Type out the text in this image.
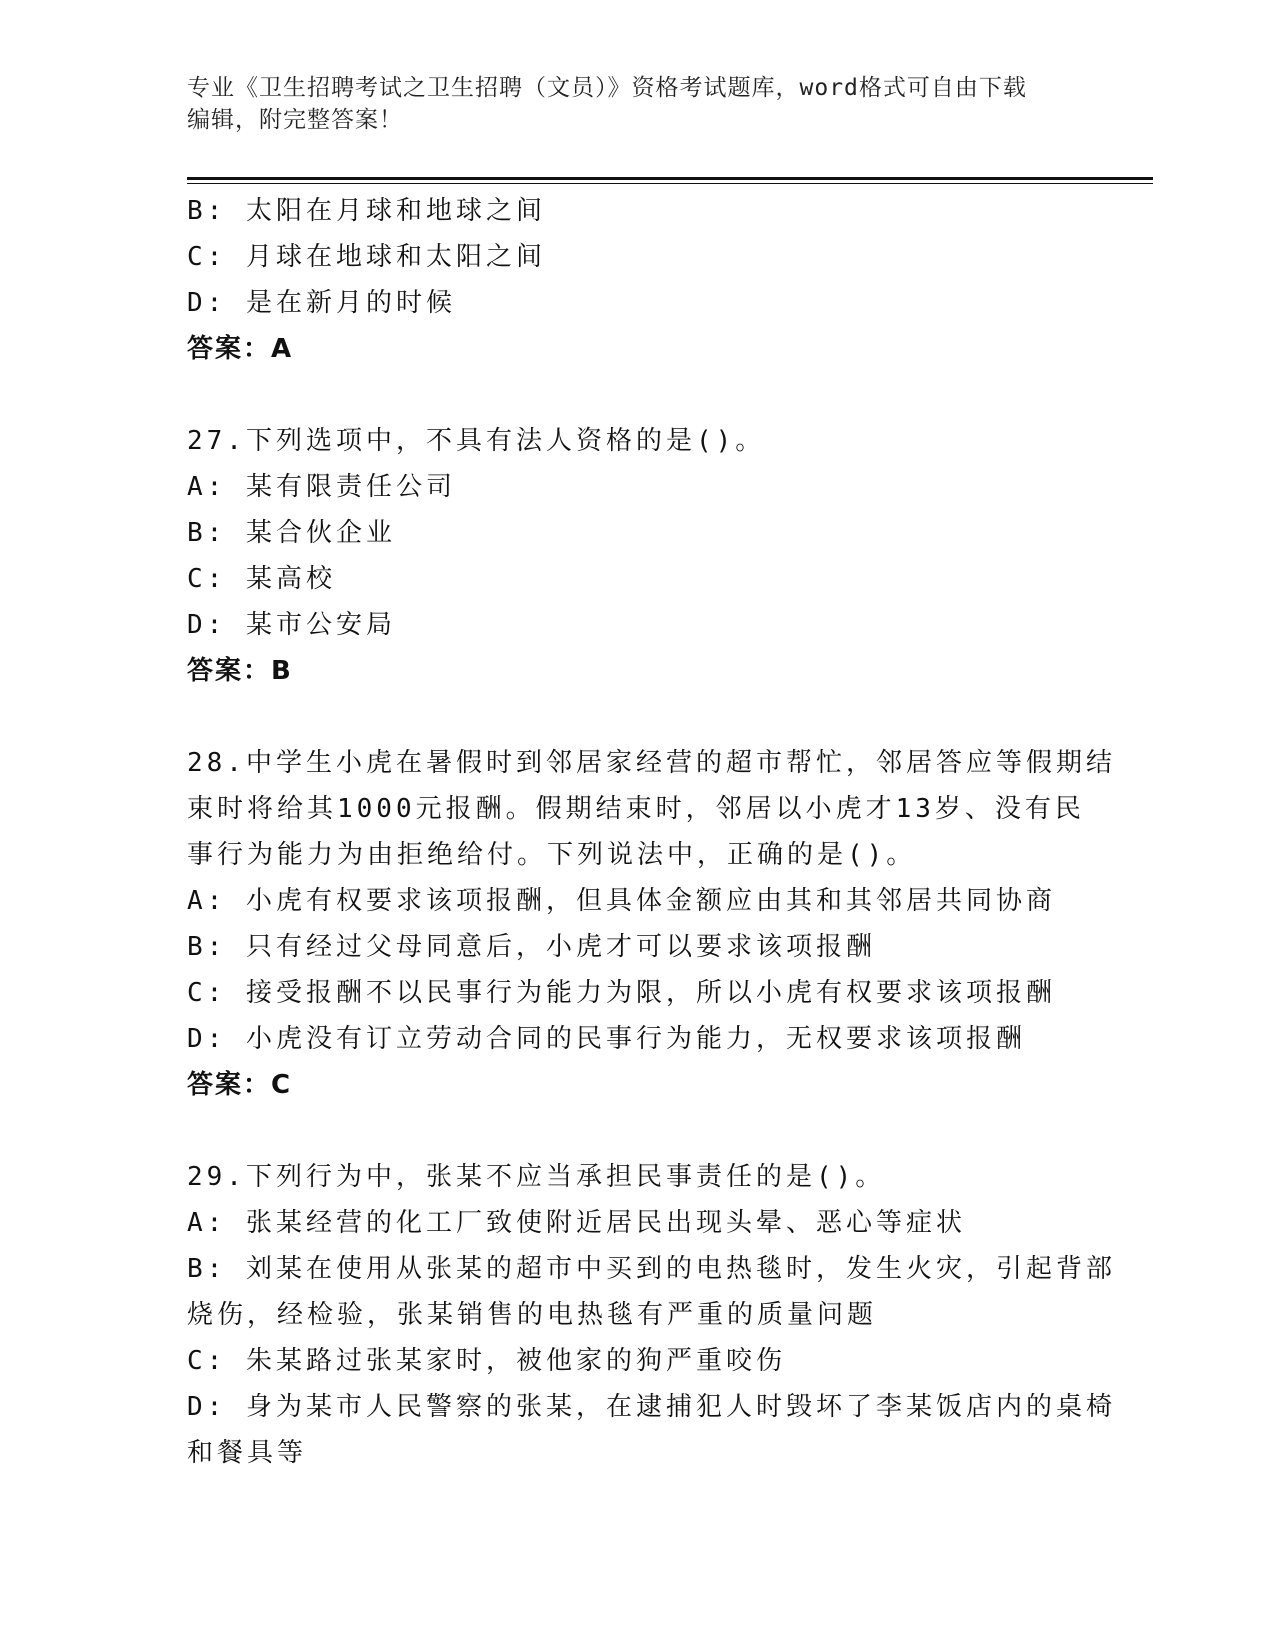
专业《卫生招聘考试之卫生招聘（文员）》资格考试题库，word格式可自由下载
编辑，附完整答案！
B: 太阳在月球和地球之间
C: 月球在地球和太阳之间
D: 是在新月的时候
答案：A
27.下列选项中，不具有法人资格的是()。
A: 某有限责任公司
B: 某合伙企业
C: 某高校
D: 某市公安局
答案：B
28.中学生小虎在暑假时到邻居家经营的超市帮忙，邻居答应等假期结
束时将给其1000元报酬。假期结束时，邻居以小虎才13岁、没有民
事行为能力为由拒绝给付。下列说法中，正确的是()。
A: 小虎有权要求该项报酬，但具体金额应由其和其邻居共同协商
B: 只有经过父母同意后，小虎才可以要求该项报酬
C: 接受报酬不以民事行为能力为限，所以小虎有权要求该项报酬
D: 小虎没有订立劳动合同的民事行为能力，无权要求该项报酬
答案：C
29.下列行为中，张某不应当承担民事责任的是()。
A: 张某经营的化工厂致使附近居民出现头晕、恶心等症状
B: 刘某在使用从张某的超市中买到的电热毯时，发生火灾，引起背部
烧伤，经检验，张某销售的电热毯有严重的质量问题
C: 朱某路过张某家时，被他家的狗严重咬伤
D: 身为某市人民警察的张某，在逮捕犯人时毁坏了李某饭店内的桌椅
和餐具等
